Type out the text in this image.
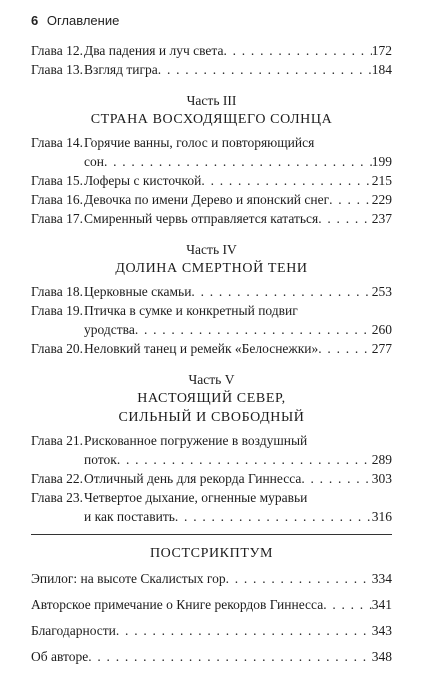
6 Оглавление
Глава 12. Два падения и луч света . . .	172
Глава 13. Взгляд тигра . . .	184
Часть III
СТРАНА ВОСХОДЯЩЕГО СОЛНЦА
Глава 14. Горячие ванны, голос и повторяющийся
сон . . .	199
Глава 15. Лоферы с кисточкой . . .	215
Глава 16. Девочка по имени Дерево и японский снег . . .	229
Глава 17. Смиренный червь отправляется кататься . . .	237
Часть IV
ДОЛИНА СМЕРТНОЙ ТЕНИ
Глава 18. Церковные скамьи . . .	253
Глава 19. Птичка в сумке и конкретный подвиг
уродства . . .	260
Глава 20. Неловкий танец и ремейк «Белоснежки» . . .	277
Часть V
НАСТОЯЩИЙ СЕВЕР,
СИЛЬНЫЙ И СВОБОДНЫЙ
Глава 21. Рискованное погружение в воздушный
поток . . .	289
Глава 22. Отличный день для рекорда Гиннесса . . .	303
Глава 23. Четвертое дыхание, огненные муравьи
и как поставить . . .	316
ПОСТСРИКПТУМ
Эпилог: на высоте Скалистых гор . . .	334
Авторское примечание о Книге рекордов Гиннесса . . .	341
Благодарности . . .	343
Об авторе . . .	348
